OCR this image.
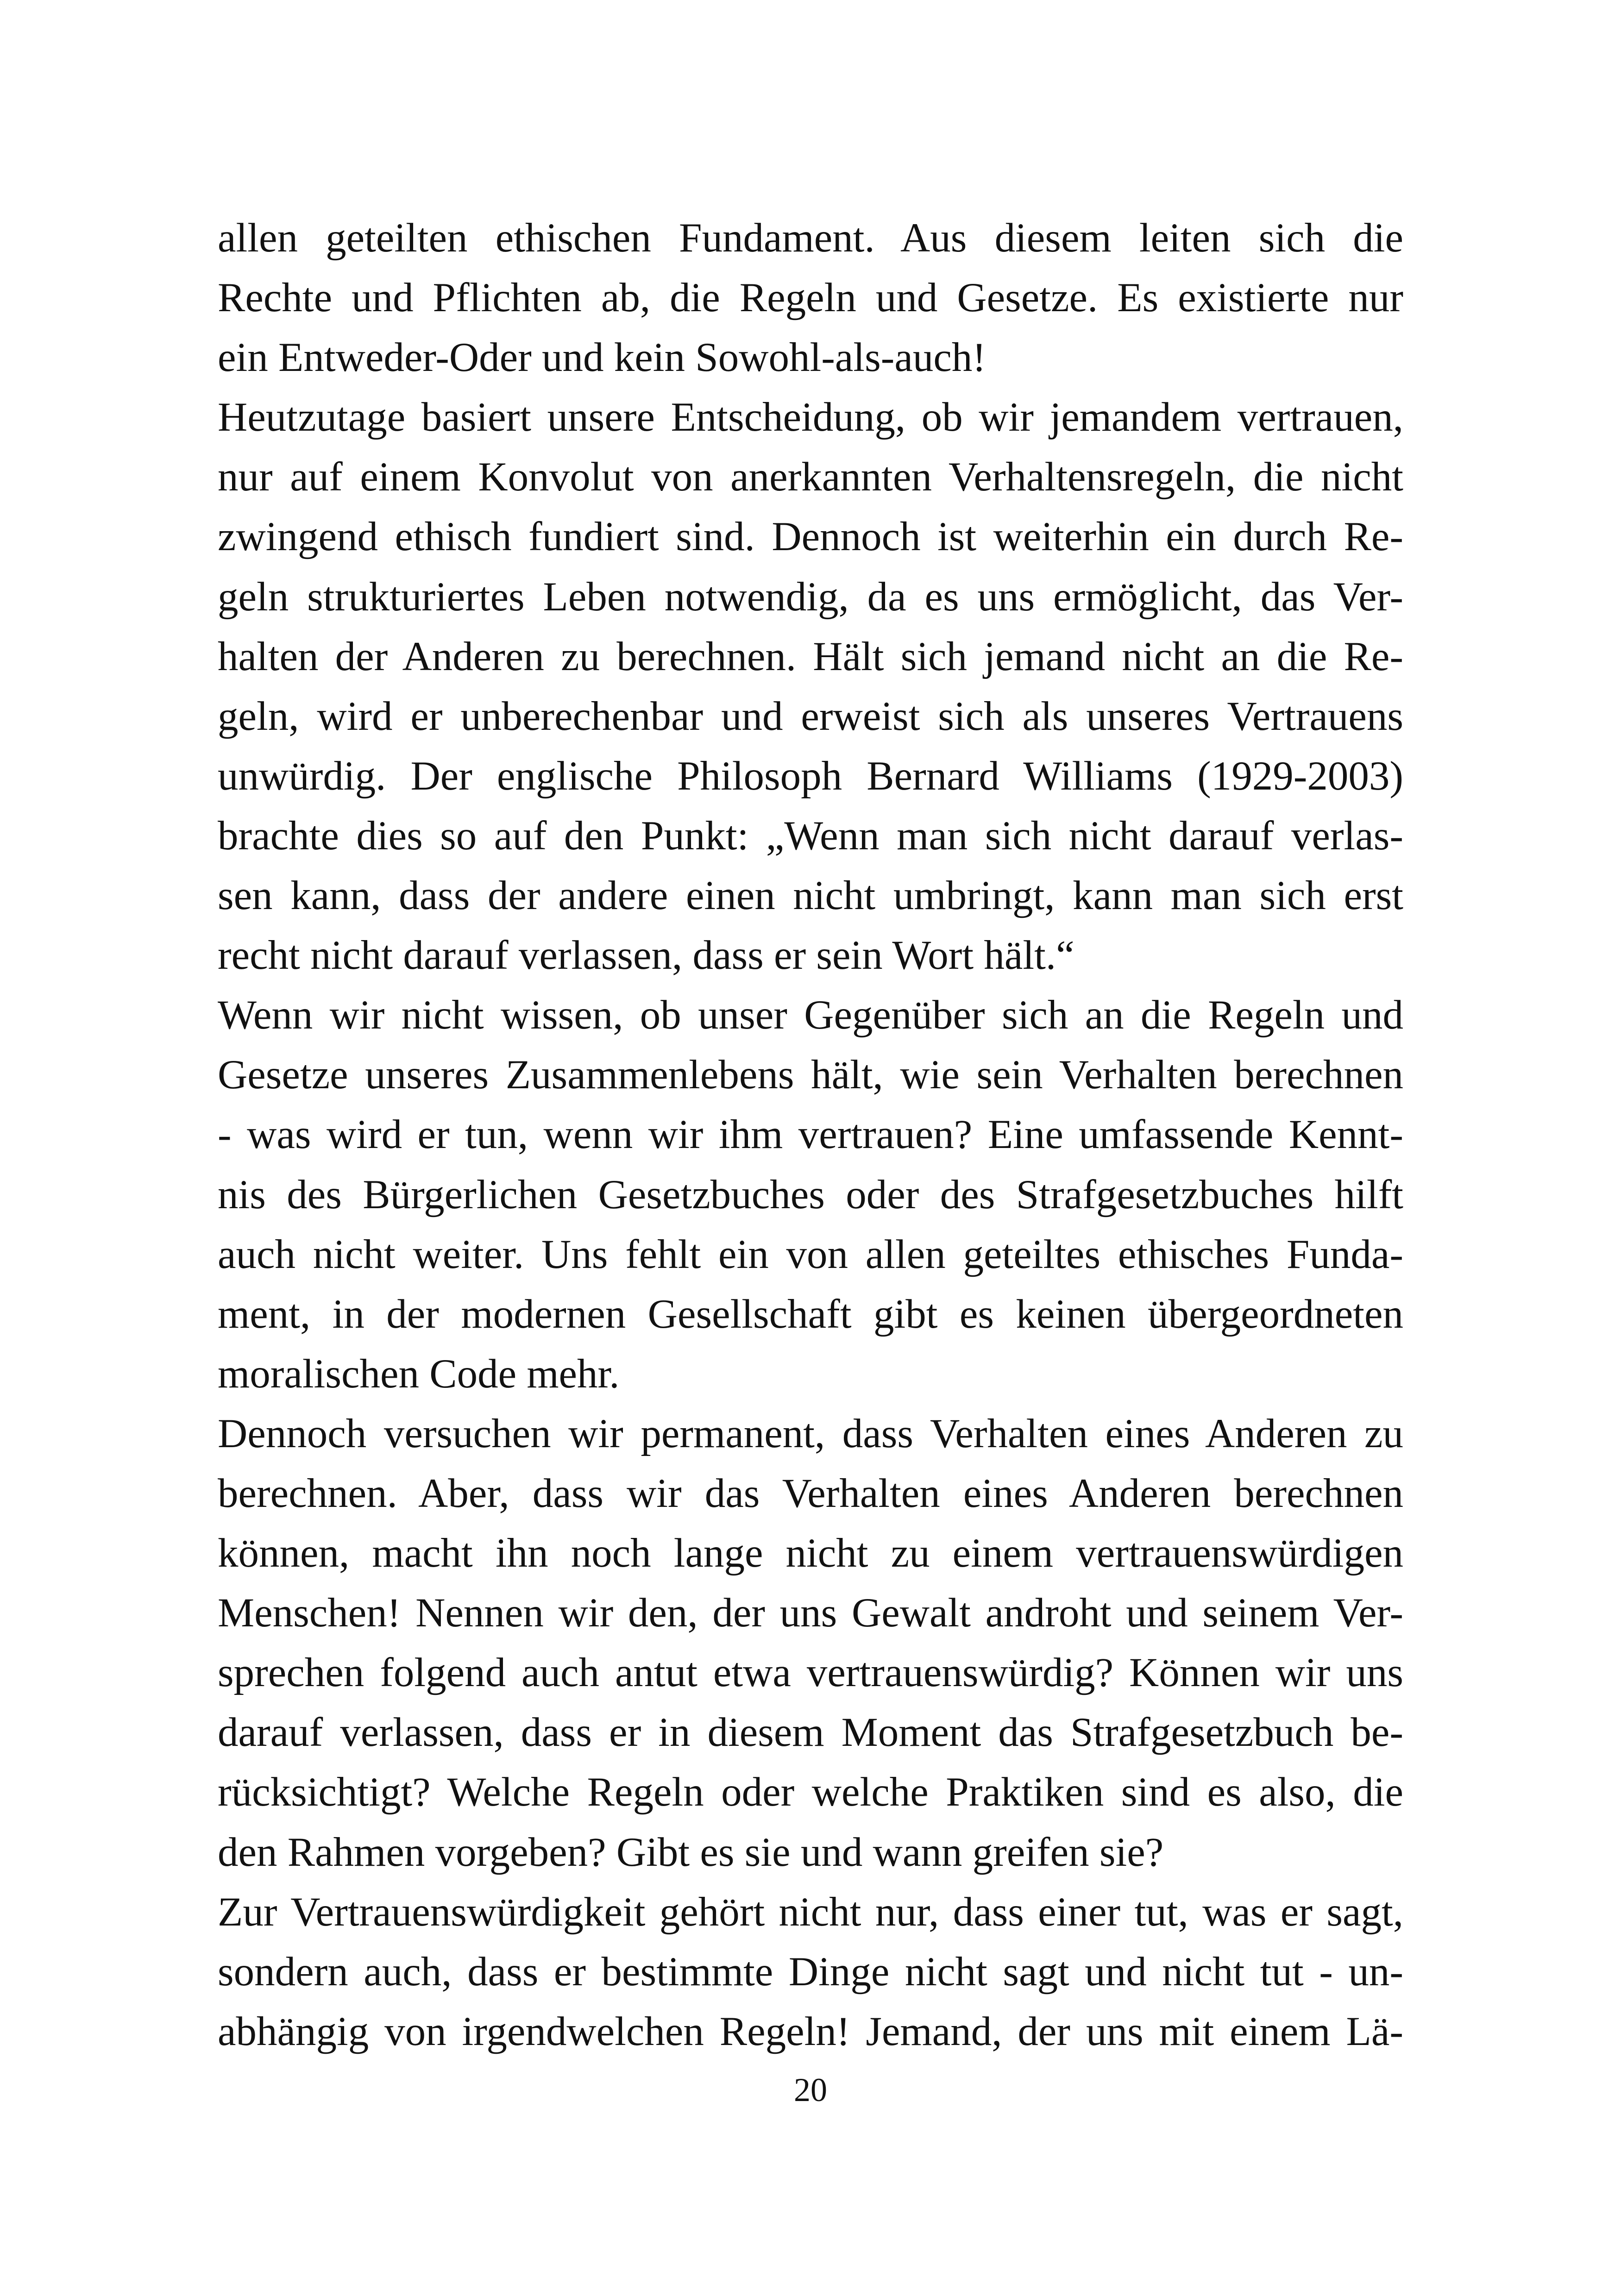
allen geteilten ethischen Fundament. Aus diesem leiten sich die
Rechte und Pflichten ab, die Regeln und Gesetze. Es existierte nur
ein Entweder-Oder und kein Sowohl-als-auch!
Heutzutage basiert unsere Entscheidung, ob wir jemandem vertrauen,
nur auf einem Konvolut von anerkannten Verhaltensregeln, die nicht
zwingend ethisch fundiert sind. Dennoch ist weiterhin ein durch Re-
geln strukturiertes Leben notwendig, da es uns ermöglicht, das Ver-
halten der Anderen zu berechnen. Hält sich jemand nicht an die Re-
geln, wird er unberechenbar und erweist sich als unseres Vertrauens
unwürdig. Der englische Philosoph Bernard Williams (1929-2003)
brachte dies so auf den Punkt: „Wenn man sich nicht darauf verlas-
sen kann, dass der andere einen nicht umbringt, kann man sich erst
recht nicht darauf verlassen, dass er sein Wort hält.“
Wenn wir nicht wissen, ob unser Gegenüber sich an die Regeln und
Gesetze unseres Zusammenlebens hält, wie sein Verhalten berechnen
- was wird er tun, wenn wir ihm vertrauen? Eine umfassende Kennt-
nis des Bürgerlichen Gesetzbuches oder des Strafgesetzbuches hilft
auch nicht weiter. Uns fehlt ein von allen geteiltes ethisches Funda-
ment, in der modernen Gesellschaft gibt es keinen übergeordneten
moralischen Code mehr.
Dennoch versuchen wir permanent, dass Verhalten eines Anderen zu
berechnen. Aber, dass wir das Verhalten eines Anderen berechnen
können, macht ihn noch lange nicht zu einem vertrauenswürdigen
Menschen! Nennen wir den, der uns Gewalt androht und seinem Ver-
sprechen folgend auch antut etwa vertrauenswürdig? Können wir uns
darauf verlassen, dass er in diesem Moment das Strafgesetzbuch be-
rücksichtigt? Welche Regeln oder welche Praktiken sind es also, die
den Rahmen vorgeben? Gibt es sie und wann greifen sie?
Zur Vertrauenswürdigkeit gehört nicht nur, dass einer tut, was er sagt,
sondern auch, dass er bestimmte Dinge nicht sagt und nicht tut - un-
abhängig von irgendwelchen Regeln! Jemand, der uns mit einem Lä-
20
